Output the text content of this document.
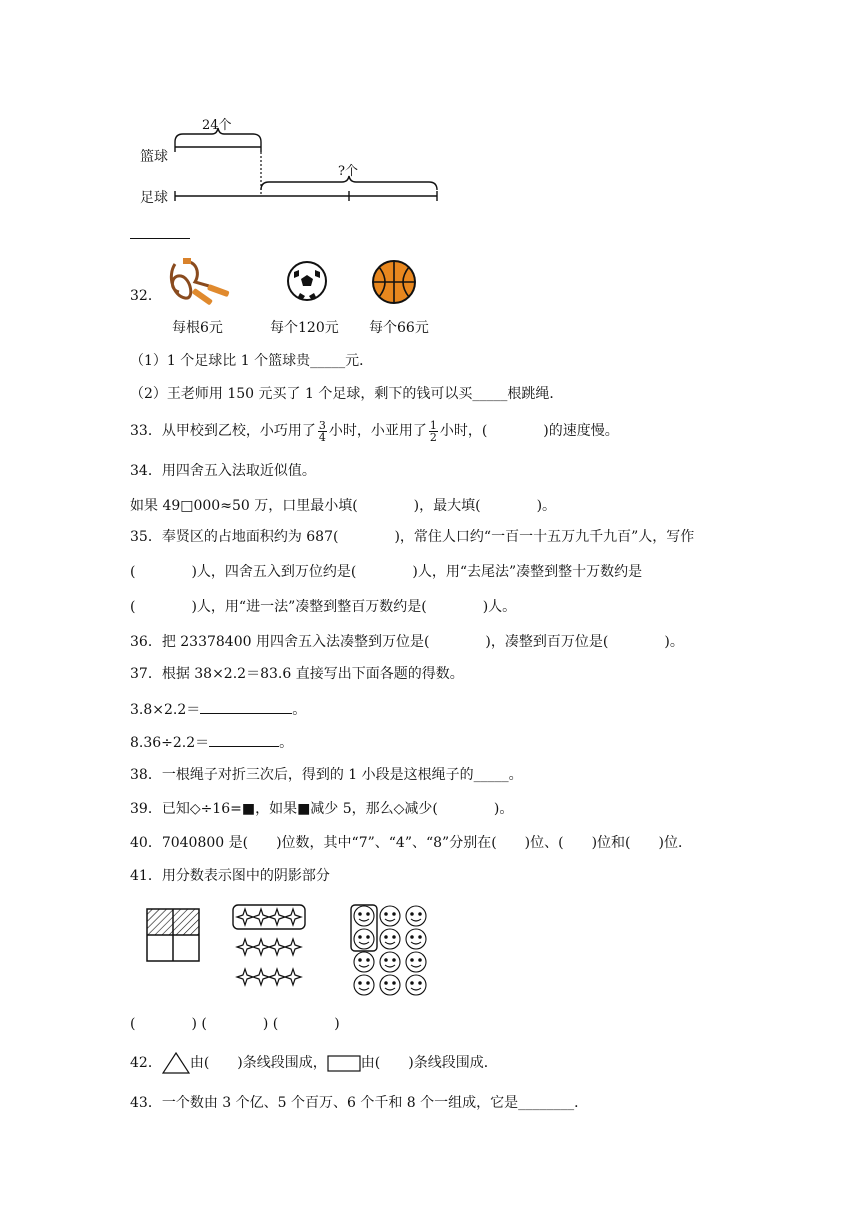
24个
?个
篮球
足球
32．
每根6元	每个120元 每个66元
（1）1 个足球比 1 个篮球贵_____元．
（2）王老师用 150 元买了 1 个足球，剩下的钱可以买_____根跳绳．
33．从甲校到乙校，小巧用了 $\frac{3}{4}$ 小时，小亚用了 $\frac{1}{2}$ 小时，(　　　　)的速度慢。
34．用四舍五入法取近似值。
如果 49□000≈50 万，口里最小填(　　　　)，最大填(　　　　)。
35．奉贤区的占地面积约为 687(　　　　)，常住人口约“一百一十五万九千九百”人，写作
(　　　　)人，四舍五入到万位约是(　　　　)人，用“去尾法”凑整到整十万数约是
(　　　　)人，用“进一法”凑整到整百万数约是(　　　　)人。
36．把 23378400 用四舍五入法凑整到万位是(　　　　)，凑整到百万位是(　　　　)。
37．根据 38×2.2＝83.6 直接写出下面各题的得数。
3.8×2.2＝	。
8.36÷2.2＝	。
38．一根绳子对折三次后，得到的 1 小段是这根绳子的_____。
39．已知◇÷16=■，如果■减少 5，那么◇减少(　　　　)。
40．7040800 是(　　)位数，其中“7”、“4”、“8”分别在(　　)位、(　　)位和(　　)位．
41．用分数表示图中的阴影部分
(　　　　) (　　　　) (　　　　)
42． 由(　　)条线段围成， 由(　　)条线段围成．
43．一个数由 3 个亿、5 个百万、6 个千和 8 个一组成，它是________．
